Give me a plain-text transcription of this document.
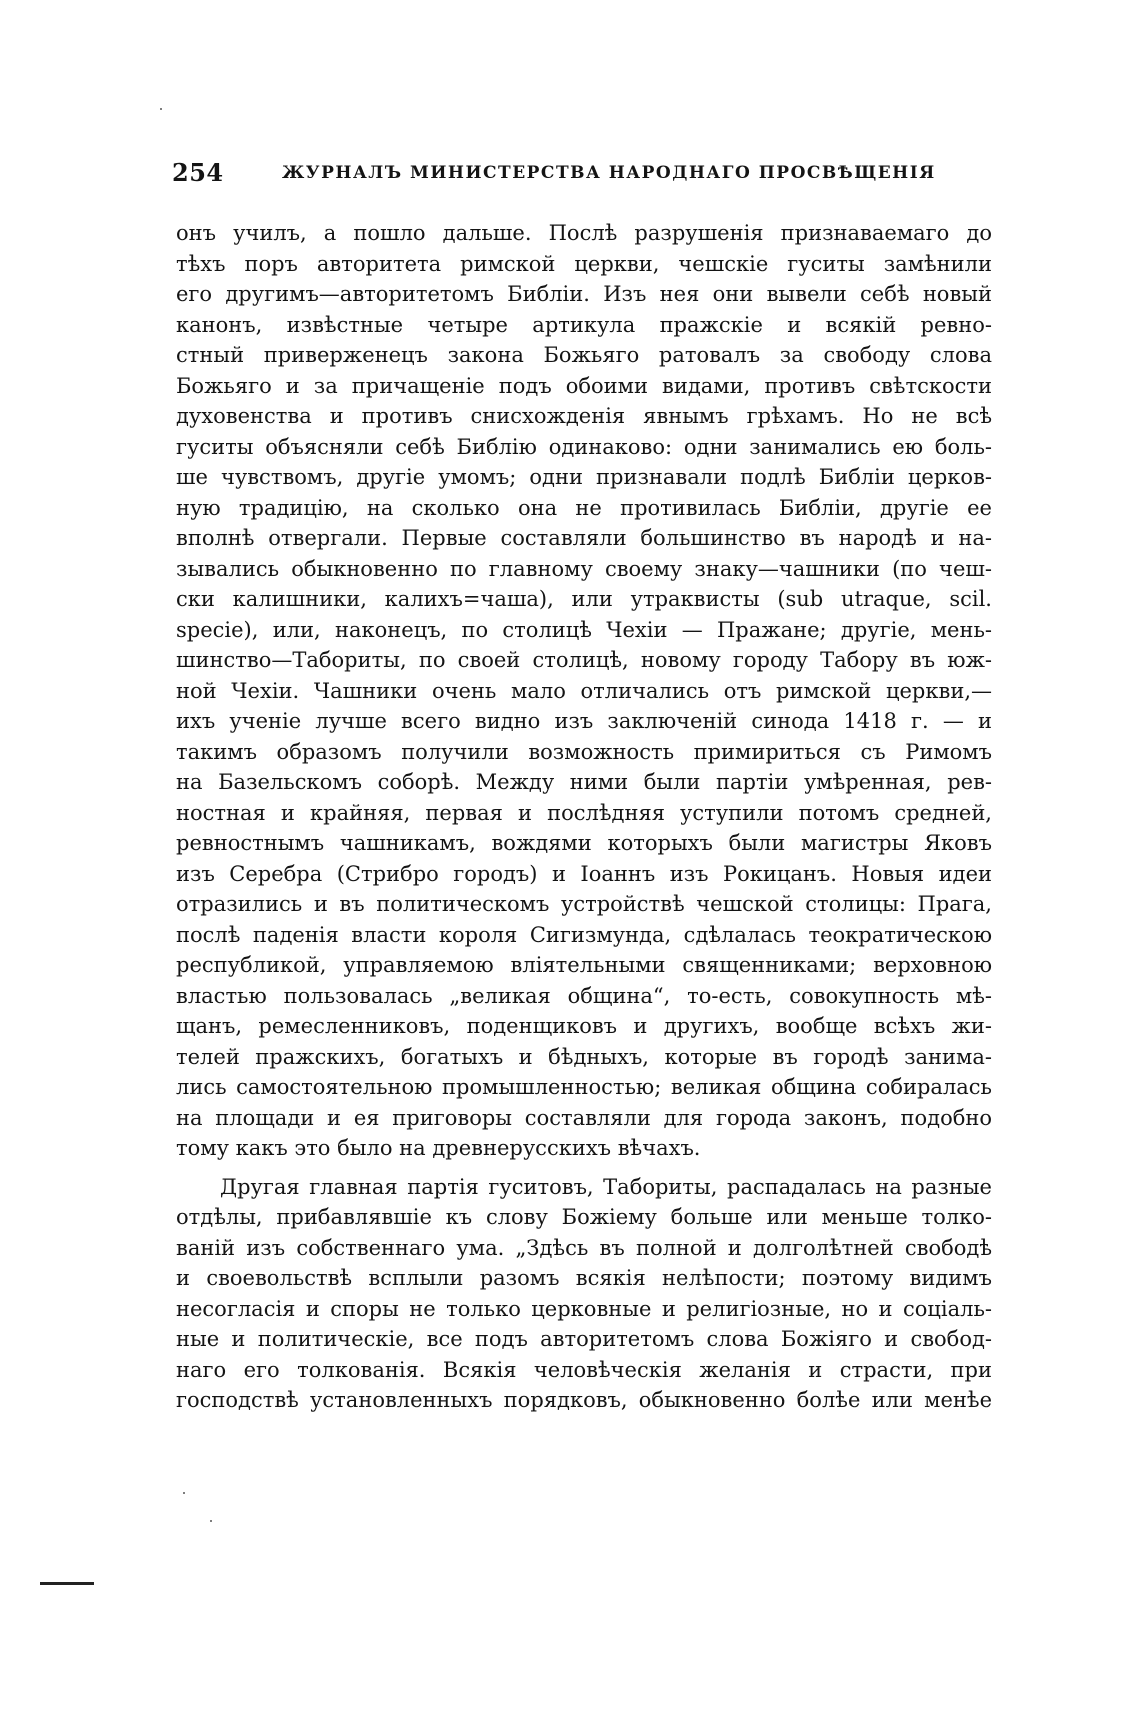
254	ЖУРНАЛЪ МИНИСТЕРСТВА НАРОДНАГО ПРОСВѢЩЕНІЯ
онъ училъ, а пошло дальше. Послѣ разрушенія признаваемаго до
тѣхъ поръ авторитета римской церкви, чешскіе гуситы замѣнили
его другимъ—авторитетомъ Библіи. Изъ нея они вывели себѣ новый
канонъ, извѣстные четыре артикула пражскіе и всякій ревно-
стный приверженецъ закона Божьяго ратовалъ за свободу слова
Божьяго и за причащеніе подъ обоими видами, противъ свѣтскости
духовенства и противъ снисхожденія явнымъ грѣхамъ. Но не всѣ
гуситы объясняли себѣ Библію одинаково: одни занимались ею боль-
ше чувствомъ, другіе умомъ; одни признавали подлѣ Библіи церков-
ную традицію, на сколько она не противилась Библіи, другіе ее
вполнѣ отвергали. Первые составляли большинство въ народѣ и на-
зывались обыкновенно по главному своему знаку—чашники (по чеш-
ски калишники, калихъ=чаша), или утраквисты (sub utraque, scil.
specie), или, наконецъ, по столицѣ Чехіи — Пражане; другіе, мень-
шинство—Табориты, по своей столицѣ, новому городу Табору въ юж-
ной Чехіи. Чашники очень мало отличались отъ римской церкви,—
ихъ ученіе лучше всего видно изъ заключеній синода 1418 г. — и
такимъ образомъ получили возможность примириться съ Римомъ
на Базельскомъ соборѣ. Между ними были партіи умѣренная, рев-
ностная и крайняя, первая и послѣдняя уступили потомъ средней,
ревностнымъ чашникамъ, вождями которыхъ были магистры Яковъ
изъ Серебра (Стрибро городъ) и Іоаннъ изъ Рокицанъ. Новыя идеи
отразились и въ политическомъ устройствѣ чешской столицы: Прага,
послѣ паденія власти короля Сигизмунда, сдѣлалась теократическою
республикой, управляемою вліятельными священниками; верховною
властью пользовалась „великая община“, то-есть, совокупность мѣ-
щанъ, ремесленниковъ, поденщиковъ и другихъ, вообще всѣхъ жи-
телей пражскихъ, богатыхъ и бѣдныхъ, которые въ городѣ занима-
лись самостоятельною промышленностью; великая община собиралась
на площади и ея приговоры составляли для города законъ, подобно
тому какъ это было на древнерусскихъ вѣчахъ.
Другая главная партія гуситовъ, Табориты, распадалась на разные
отдѣлы, прибавлявшіе къ слову Божіему больше или меньше толко-
ваній изъ собственнаго ума. „Здѣсь въ полной и долголѣтней свободѣ
и своевольствѣ всплыли разомъ всякія нелѣпости; поэтому видимъ
несогласія и споры не только церковные и религіозные, но и соціаль-
ные и политическіе, все подъ авторитетомъ слова Божіяго и свобод-
наго его толкованія. Всякія человѣческія желанія и страсти, при
господствѣ установленныхъ порядковъ, обыкновенно болѣе или менѣе
